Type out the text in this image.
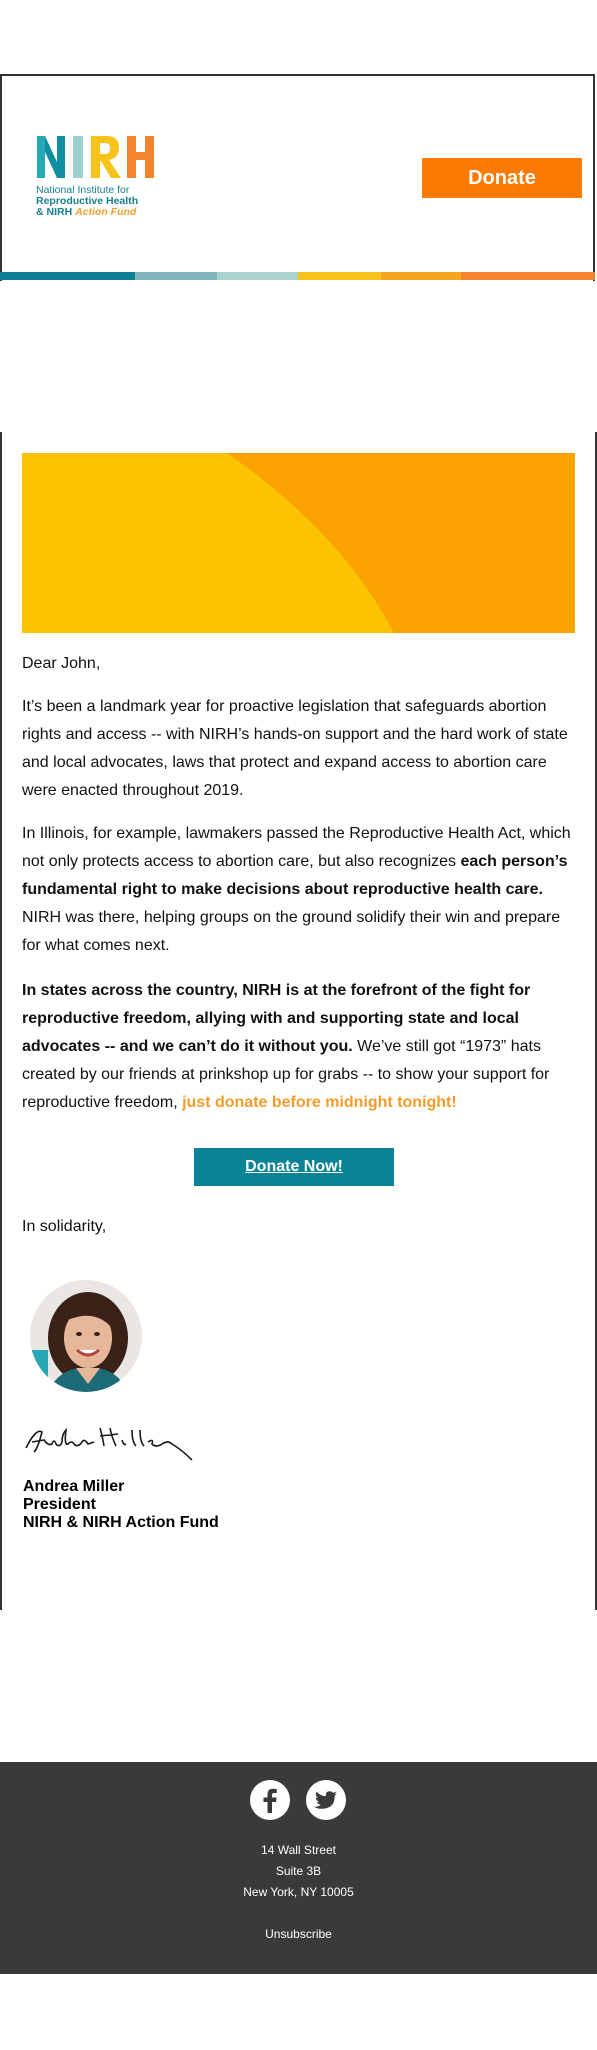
National Institute for
Reproductive Health
& NIRH Action Fund
Donate
Dear John,

It’s been a landmark year for proactive legislation that safeguards abortion rights and access -- with NIRH’s hands-on support and the hard work of state and local advocates, laws that protect and expand access to abortion care were enacted throughout 2019.

In Illinois, for example, lawmakers passed the Reproductive Health Act, which not only protects access to abortion care, but also recognizes each person’s fundamental right to make decisions about reproductive health care. NIRH was there, helping groups on the ground solidify their win and prepare for what comes next.

In states across the country, NIRH is at the forefront of the fight for reproductive freedom, allying with and supporting state and local advocates -- and we can’t do it without you. We’ve still got “1973” hats created by our friends at prinkshop up for grabs -- to show your support for reproductive freedom, just donate before midnight tonight!

Donate Now!
In solidarity,
Andrea Miller
President
NIRH & NIRH Action Fund
14 Wall Street
Suite 3B
New York, NY 10005
Unsubscribe
